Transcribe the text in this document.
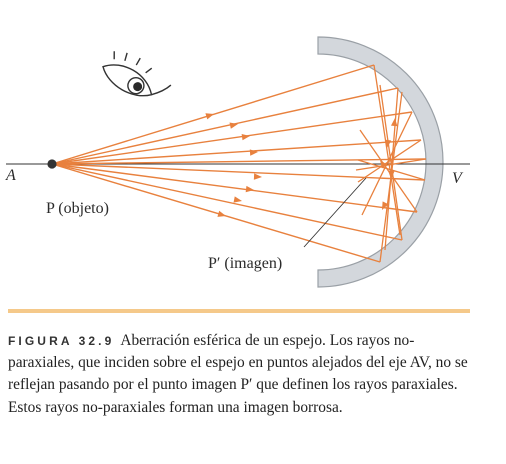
A	V
P (objeto)
P′ (imagen)
FIGURA 32.9 Aberración esférica de un espejo. Los rayos no-paraxiales, que inciden sobre el espejo en puntos alejados del eje AV, no se reflejan pasando por el punto imagen P′ que definen los rayos paraxiales. Estos rayos no-paraxiales forman una imagen borrosa.
